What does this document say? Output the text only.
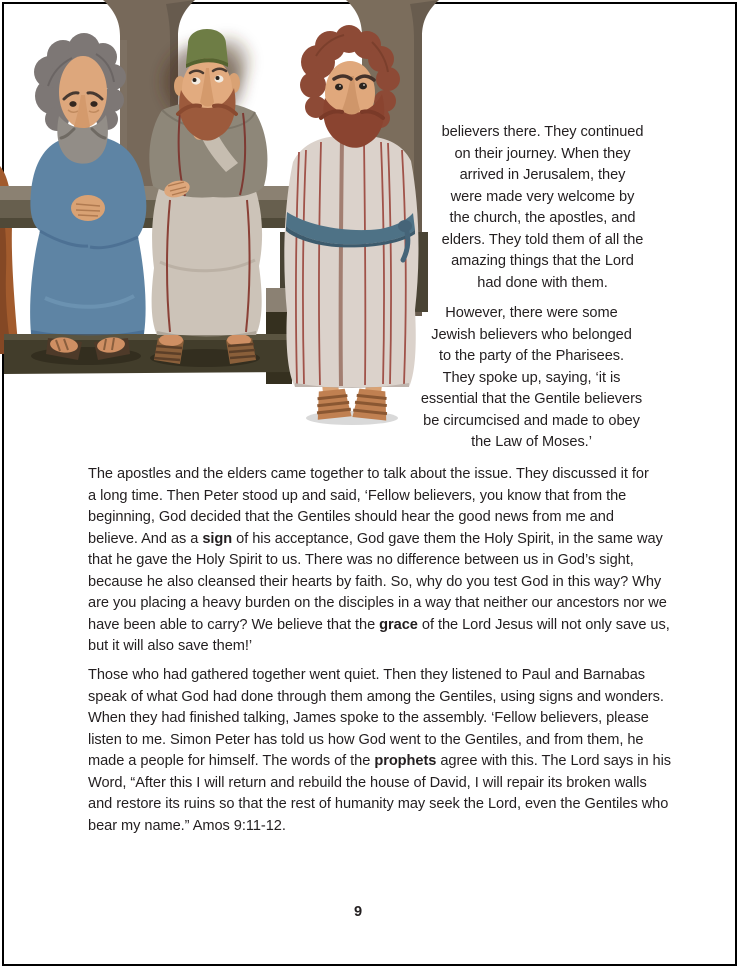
believers there. They continued
on their journey. When they
arrived in Jerusalem, they
were made very welcome by
the church, the apostles, and
elders. They told them of all the
amazing things that the Lord
had done with them.
However, there were some
Jewish believers who belonged
to the party of the Pharisees.
They spoke up, saying, ‘it is
essential that the Gentile believers
be circumcised and made to obey
the Law of Moses.’
The apostles and the elders came together to talk about the issue. They discussed it for
a long time. Then Peter stood up and said, ‘Fellow believers, you know that from the
beginning, God decided that the Gentiles should hear the good news from me and
believe. And as a sign of his acceptance, God gave them the Holy Spirit, in the same way
that he gave the Holy Spirit to us. There was no difference between us in God’s sight,
because he also cleansed their hearts by faith. So, why do you test God in this way? Why
are you placing a heavy burden on the disciples in a way that neither our ancestors nor we
have been able to carry? We believe that the grace of the Lord Jesus will not only save us,
but it will also save them!’
Those who had gathered together went quiet. Then they listened to Paul and Barnabas
speak of what God had done through them among the Gentiles, using signs and wonders.
When they had finished talking, James spoke to the assembly. ‘Fellow believers, please
listen to me. Simon Peter has told us how God went to the Gentiles, and from them, he
made a people for himself. The words of the prophets agree with this. The Lord says in his
Word, “After this I will return and rebuild the house of David, I will repair its broken walls
and restore its ruins so that the rest of humanity may seek the Lord, even the Gentiles who
bear my name.” Amos 9:11-12.
9
